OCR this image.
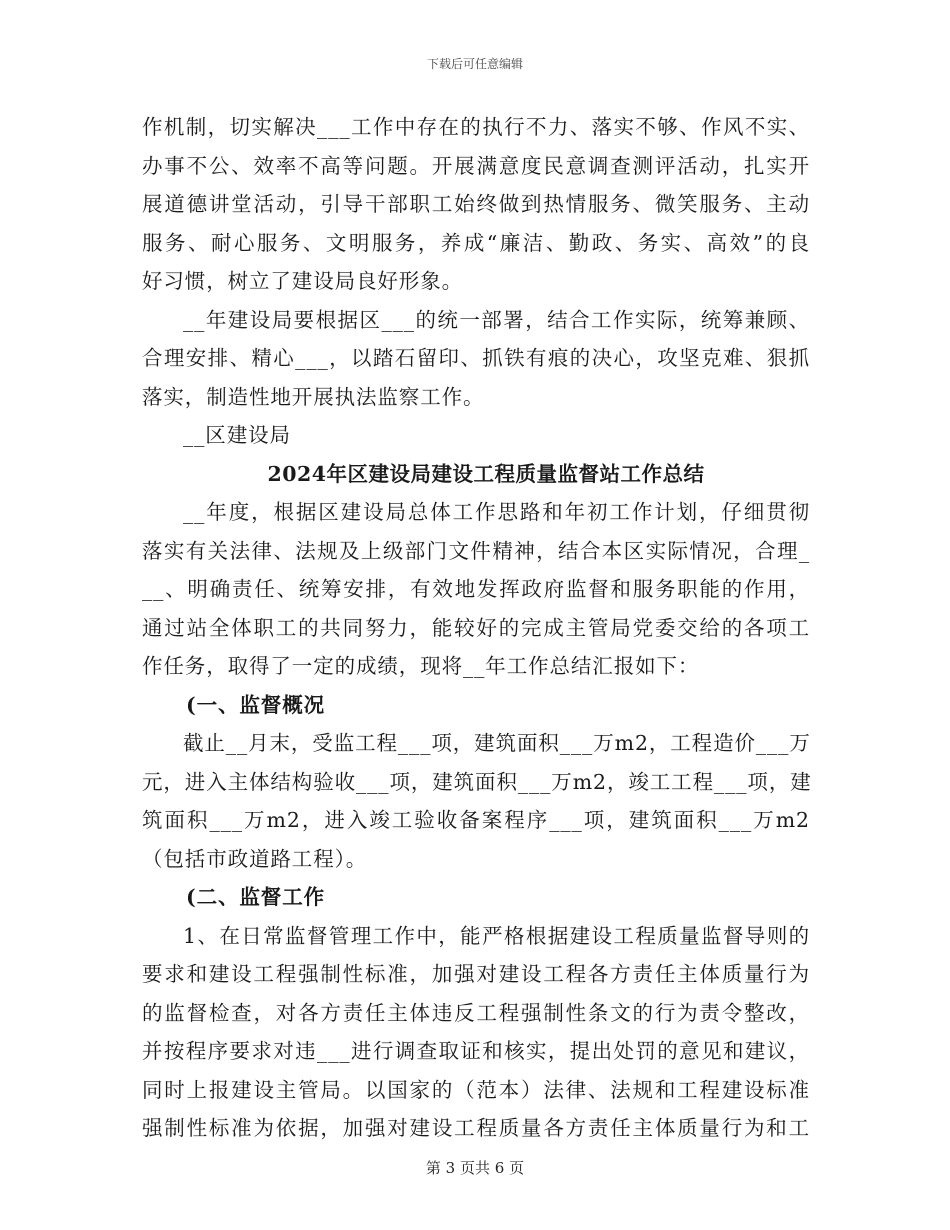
下载后可任意编辑
作机制，切实解决___工作中存在的执行不力、落实不够、作风不实、
办事不公、效率不高等问题。开展满意度民意调查测评活动，扎实开
展道德讲堂活动，引导干部职工始终做到热情服务、微笑服务、主动
服务、耐心服务、文明服务，养成“廉洁、勤政、务实、高效”的良
好习惯，树立了建设局良好形象。
__年建设局要根据区___的统一部署，结合工作实际，统筹兼顾、
合理安排、精心___，以踏石留印、抓铁有痕的决心，攻坚克难、狠抓
落实，制造性地开展执法监察工作。
__区建设局
2024年区建设局建设工程质量监督站工作总结
__年度，根据区建设局总体工作思路和年初工作计划，仔细贯彻
落实有关法律、法规及上级部门文件精神，结合本区实际情况，合理_
__、明确责任、统筹安排，有效地发挥政府监督和服务职能的作用，
通过站全体职工的共同努力，能较好的完成主管局党委交给的各项工
作任务，取得了一定的成绩，现将__年工作总结汇报如下：
(一、监督概况
截止__月末，受监工程___项，建筑面积___万m2，工程造价___万
元，进入主体结构验收___项，建筑面积___万m2，竣工工程___项，建
筑面积___万m2，进入竣工验收备案程序___项，建筑面积___万m2
（包括市政道路工程）。
(二、监督工作
1、在日常监督管理工作中，能严格根据建设工程质量监督导则的
要求和建设工程强制性标准，加强对建设工程各方责任主体质量行为
的监督检查，对各方责任主体违反工程强制性条文的行为责令整改，
并按程序要求对违___进行调查取证和核实，提出处罚的意见和建议，
同时上报建设主管局。以国家的（范本）法律、法规和工程建设标准
强制性标准为依据，加强对建设工程质量各方责任主体质量行为和工
第 3 页共 6 页
